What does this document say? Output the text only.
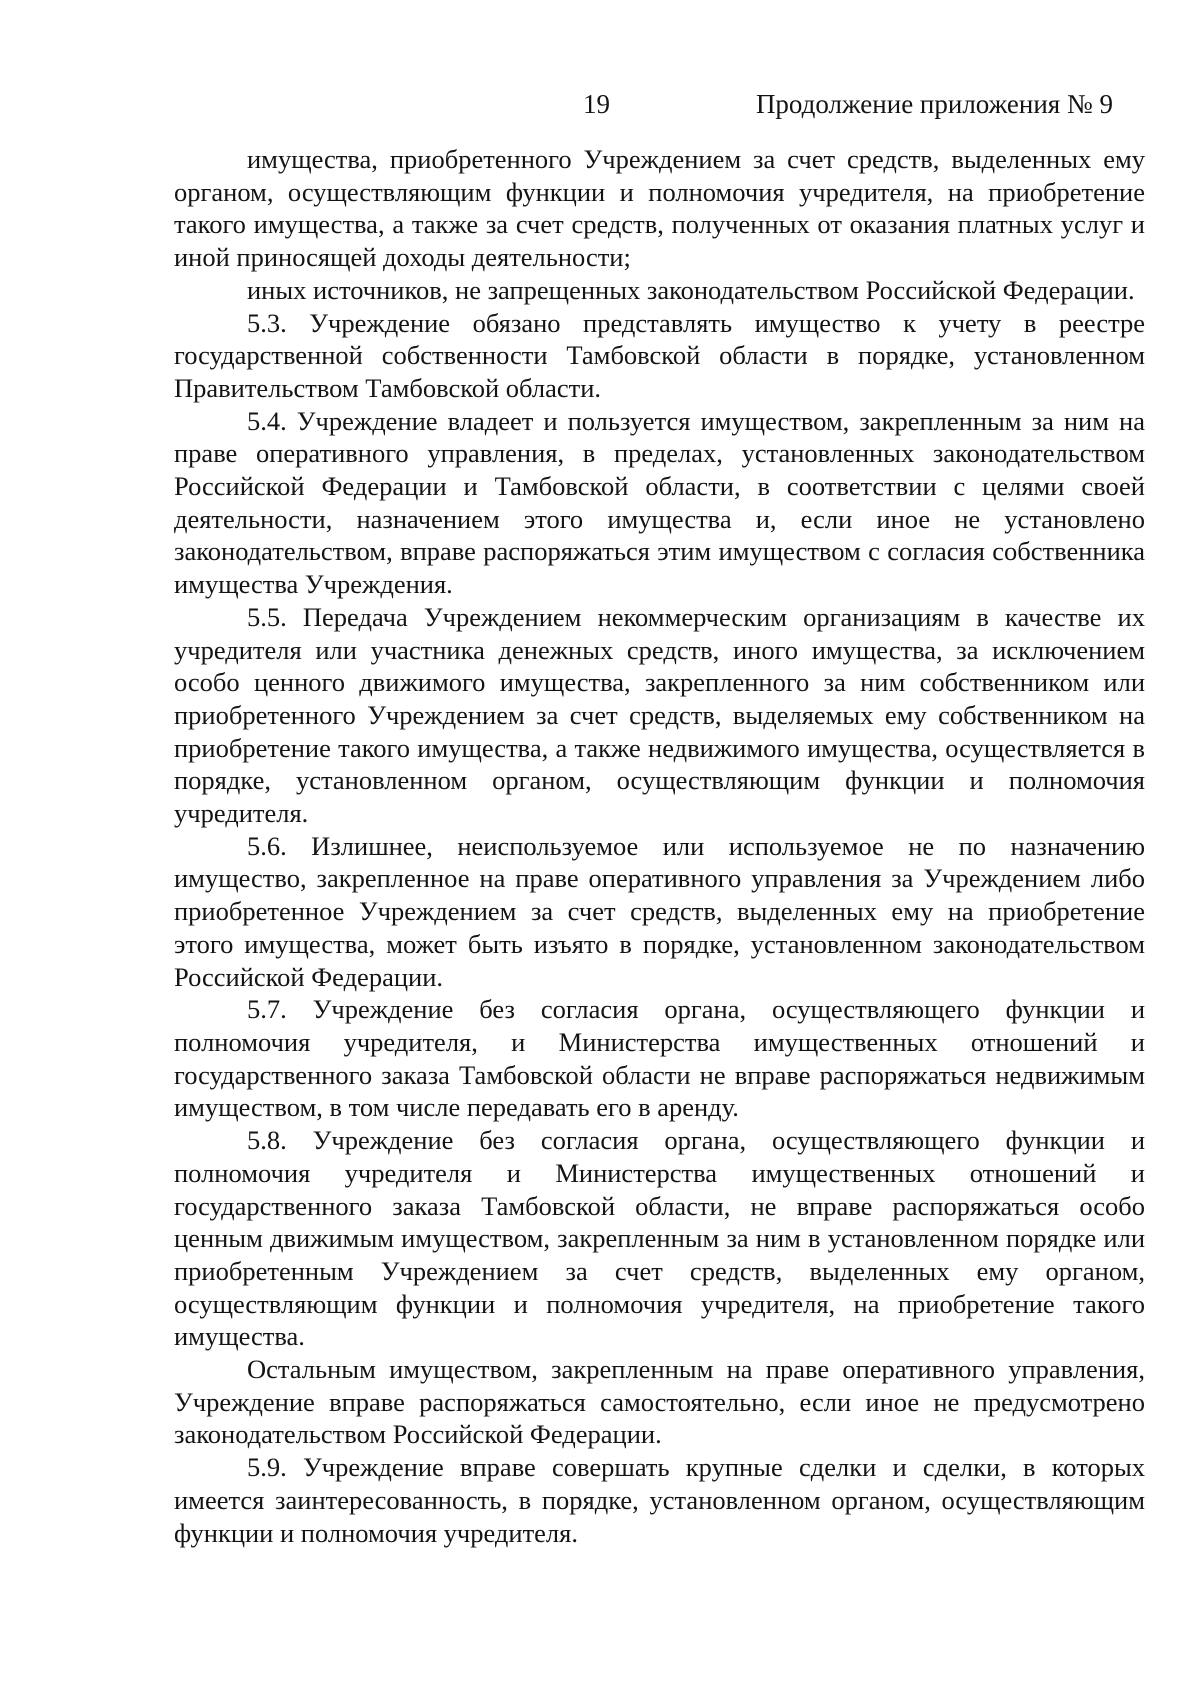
19	Продолжение приложения № 9

имущества, приобретенного Учреждением за счет средств, выделенных ему органом, осуществляющим функции и полномочия учредителя, на приобретение такого имущества, а также за счет средств, полученных от оказания платных услуг и иной приносящей доходы деятельности;

иных источников, не запрещенных законодательством Российской Федерации.

5.3. Учреждение обязано представлять имущество к учету в реестре государственной собственности Тамбовской области в порядке, установленном Правительством Тамбовской области.

5.4. Учреждение владеет и пользуется имуществом, закрепленным за ним на праве оперативного управления, в пределах, установленных законодательством Российской Федерации и Тамбовской области, в соответствии с целями своей деятельности, назначением этого имущества и, если иное не установлено законодательством, вправе распоряжаться этим имуществом с согласия собственника имущества Учреждения.

5.5. Передача Учреждением некоммерческим организациям в качестве их учредителя или участника денежных средств, иного имущества, за исключением особо ценного движимого имущества, закрепленного за ним собственником или приобретенного Учреждением за счет средств, выделяемых ему собственником на приобретение такого имущества, а также недвижимого имущества, осуществляется в порядке, установленном органом, осуществляющим функции и полномочия учредителя.

5.6. Излишнее, неиспользуемое или используемое не по назначению имущество, закрепленное на праве оперативного управления за Учреждением либо приобретенное Учреждением за счет средств, выделенных ему на приобретение этого имущества, может быть изъято в порядке, установленном законодательством Российской Федерации.

5.7. Учреждение без согласия органа, осуществляющего функции и полномочия учредителя, и Министерства имущественных отношений и государственного заказа Тамбовской области не вправе распоряжаться недвижимым имуществом, в том числе передавать его в аренду.

5.8. Учреждение без согласия органа, осуществляющего функции и полномочия учредителя и Министерства имущественных отношений и государственного заказа Тамбовской области, не вправе распоряжаться особо ценным движимым имуществом, закрепленным за ним в установленном порядке или приобретенным Учреждением за счет средств, выделенных ему органом, осуществляющим функции и полномочия учредителя, на приобретение такого имущества.

Остальным имуществом, закрепленным на праве оперативного управления, Учреждение вправе распоряжаться самостоятельно, если иное не предусмотрено законодательством Российской Федерации.

5.9. Учреждение вправе совершать крупные сделки и сделки, в которых имеется заинтересованность, в порядке, установленном органом, осуществляющим функции и полномочия учредителя.
